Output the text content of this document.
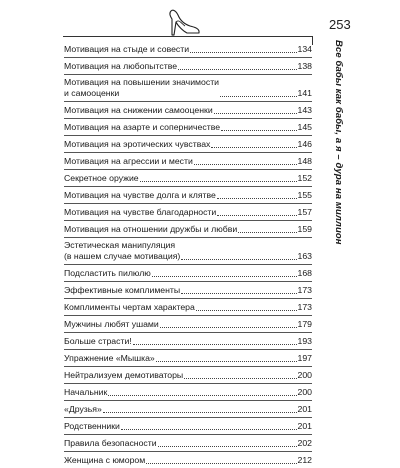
253
Все бабы как бабы, а я – дура на миллион
Мотивация на стыде и совести	134
Мотивация на любопытстве	138
Мотивация на повышении значимости
и самооценки	141
Мотивация на снижении самооценки	143
Мотивация на азарте и соперничестве	145
Мотивация на эротических чувствах	146
Мотивация на агрессии и мести	148
Секретное оружие	152
Мотивация на чувстве долга и клятве	155
Мотивация на чувстве благодарности	157
Мотивация на отношении дружбы и любви	159
Эстетическая манипуляция
(в нашем случае мотивация)	163
Подсластить пилюлю	168
Эффективные комплименты	173
Комплименты чертам характера	173
Мужчины любят ушами	179
Больше страсти!	193
Упражнение «Мышка»	197
Нейтрализуем демотиваторы	200
Начальник	200
«Друзья»	201
Родственники	201
Правила безопасности	202
Женщина с юмором	212
